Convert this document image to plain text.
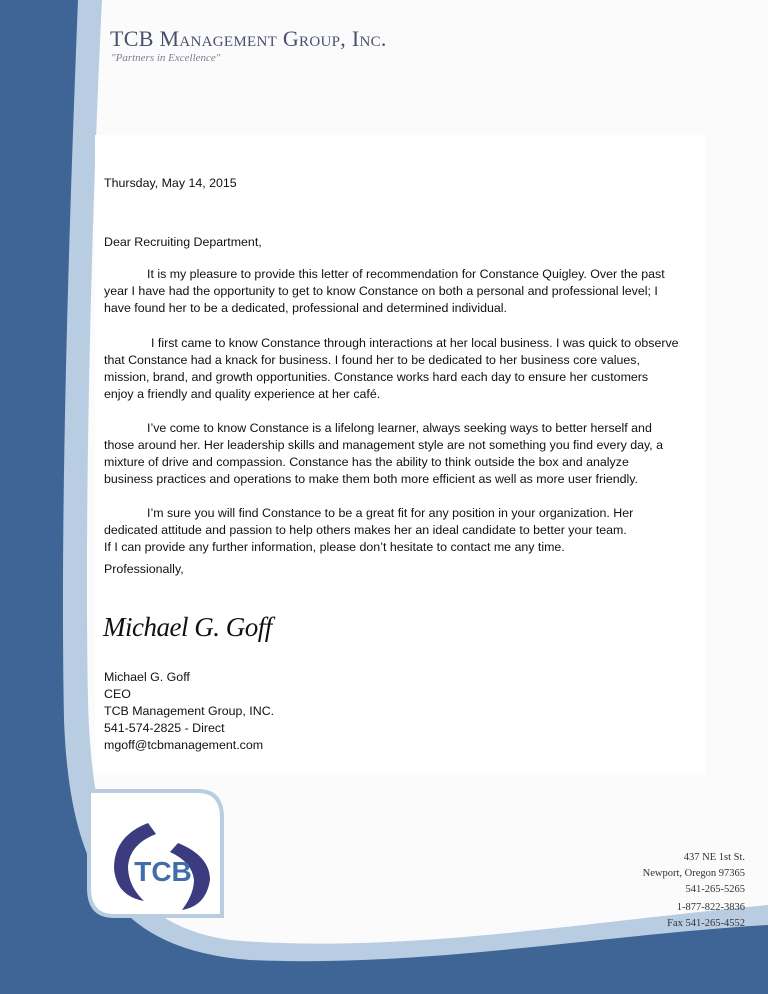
TCB Management Group, Inc.
"Partners in Excellence"
Thursday, May 14, 2015
Dear Recruiting Department,
It is my pleasure to provide this letter of recommendation for Constance Quigley. Over the past
year I have had the opportunity to get to know Constance on both a personal and professional level; I
have found her to be a dedicated, professional and determined individual.
I first came to know Constance through interactions at her local business. I was quick to observe
that Constance had a knack for business. I found her to be dedicated to her business core values,
mission, brand, and growth opportunities. Constance works hard each day to ensure her customers
enjoy a friendly and quality experience at her café.
I’ve come to know Constance is a lifelong learner, always seeking ways to better herself and
those around her. Her leadership skills and management style are not something you find every day, a
mixture of drive and compassion. Constance has the ability to think outside the box and analyze
business practices and operations to make them both more efficient as well as more user friendly.
I’m sure you will find Constance to be a great fit for any position in your organization. Her
dedicated attitude and passion to help others makes her an ideal candidate to better your team.
If I can provide any further information, please don’t hesitate to contact me any time.
Professionally,
Michael G. Goff
Michael G. Goff
CEO
TCB Management Group, INC.
541-574-2825 - Direct
mgoff@tcbmanagement.com
TCB	437 NE 1st St.
Newport, Oregon 97365
541-265-5265
1-877-822-3836
Fax 541-265-4552
